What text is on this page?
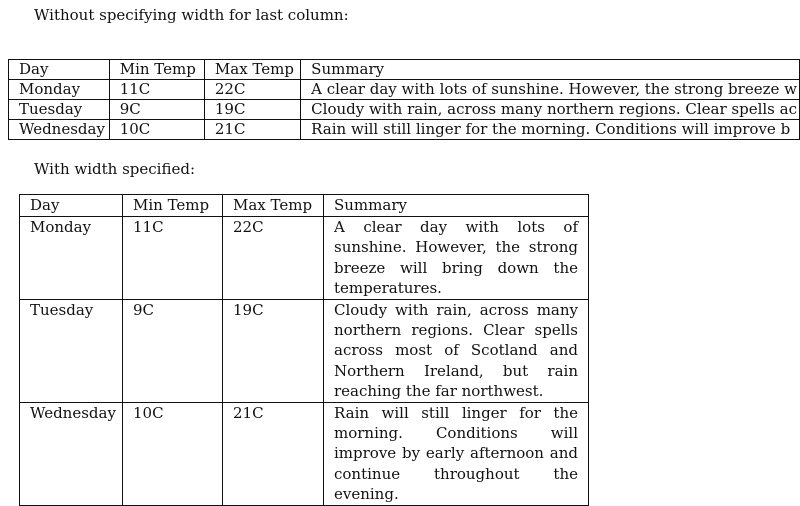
Without specifying width for last column:
Day	Min Temp	Max Temp	Summary
Monday	11C	22C	A clear day with lots of sunshine. However, the strong breeze w
Tuesday	9C	19C	Cloudy with rain, across many northern regions. Clear spells ac
Wednesday	10C	21C	Rain will still linger for the morning. Conditions will improve b
With width specified:
Day	Min Temp	Max Temp	Summary
Monday	11C	22C	A clear day with lots of sunshine. However, the strong breeze will bring down the temperatures.
Tuesday	9C	19C	Cloudy with rain, across many northern regions. Clear spells across most of Scotland and Northern Ireland, but rain reaching the far northwest.
Wednesday	10C	21C	Rain will still linger for the morning. Conditions will improve by early afternoon and continue throughout the evening.
